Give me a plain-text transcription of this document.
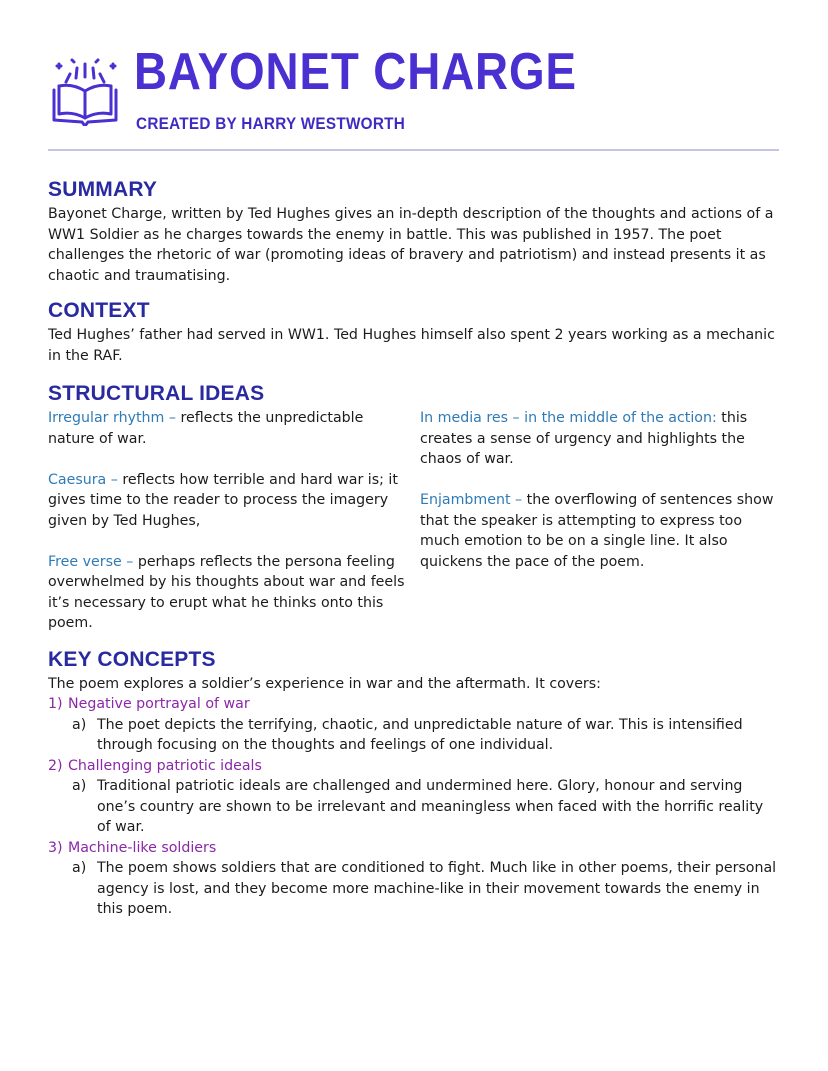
BAYONET CHARGE
CREATED BY HARRY WESTWORTH
SUMMARY

Bayonet Charge, written by Ted Hughes gives an in-depth description of the thoughts and actions of a WW1 Soldier as he charges towards the enemy in battle. This was published in 1957. The poet challenges the rhetoric of war (promoting ideas of bravery and patriotism) and instead presents it as chaotic and traumatising.

CONTEXT

Ted Hughes’ father had served in WW1. Ted Hughes himself also spent 2 years working as a mechanic in the RAF.

STRUCTURAL IDEAS

Irregular rhythm – reflects the unpredictable nature of war.

Caesura – reflects how terrible and hard war is; it gives time to the reader to process the imagery given by Ted Hughes,

Free verse – perhaps reflects the persona feeling overwhelmed by his thoughts about war and feels it’s necessary to erupt what he thinks onto this poem.

In media res – in the middle of the action: this creates a sense of urgency and highlights the chaos of war.

Enjambment – the overflowing of sentences show that the speaker is attempting to express too much emotion to be on a single line. It also quickens the pace of the poem.

KEY CONCEPTS

The poem explores a soldier’s experience in war and the aftermath. It covers:

1) Negative portrayal of war
a) The poet depicts the terrifying, chaotic, and unpredictable nature of war. This is intensified through focusing on the thoughts and feelings of one individual.
2) Challenging patriotic ideals
a) Traditional patriotic ideals are challenged and undermined here. Glory, honour and serving one’s country are shown to be irrelevant and meaningless when faced with the horrific reality of war.
3) Machine-like soldiers
a) The poem shows soldiers that are conditioned to fight. Much like in other poems, their personal agency is lost, and they become more machine-like in their movement towards the enemy in this poem.
